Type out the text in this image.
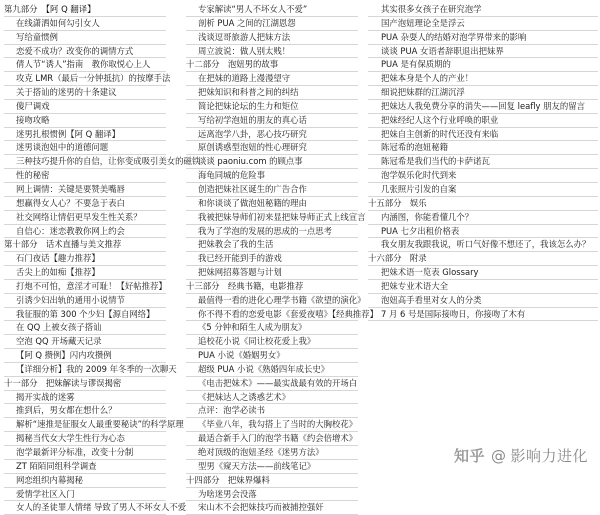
第九部分　【阿 Q 翻译】
在线潇洒如何勾引女人
写给童惯例
恋爱不成功？改变你的调情方式
倩人节“诱人”指南　教你取悦心上人
攻克 LMR（最后一分钟抵抗）的按摩手法
关于搭讪的迷男的十条建议
傻尸调戏
接吻攻略
迷男扎根惯例【阿 Q 翻译】
迷男谈泡妞中的道德问题
三种技巧提升你的自信，让你变成吸引美女的磁铁
性的秘密
网上调情：关键是要赞美嘴唇
想赢得女人心？不要急于表白
社交网络让情侣更早发生性关系？
自信心：迷恋教教你网上约会
第十部分　话术直播与美文推荐
石门夜话【趣力推荐】
舌尖上的如痴【推荐】
打炮不可怕，意淫才可耻！【好帖推荐】
引诱少妇出轨的通用小说情节
我征服的第 300 个少妇【源自网络】
在 QQ 上被女孩子搭讪
空泡 QQ 开场藏天记录
【阿 Q 攒例】闪内攻攒例
【详细分析】我的 2009 年冬季的一次聊天
十一部分　把妹解读与谬误揭密
揭开实战的迷雾
推到后，男女都在想什么？
解析“速推是征服女人最重要秘诀”的科学原理
揭秘当代女大学生性行为心态
泡学最新评分标准，改变十分制
ZT 陌陌同组科学调查
网恋组织内幕揭秘
爱情学社区入门
女人的圣徒罪人情绪 导致了男人不坏女人不爱
专家解读“男人不坏女人不爱”
剖析 PUA 之间的江湖恩怨
浅谈逗哥旅游人把妹方法
周立波说：做人别太贱！
十二部分　泡妞男的故事
在把妹的道路上漫漫望守
把妹知识和科普之间的纠结
简论把妹论坛的生力和矩位
写给初学泡妞的朋友的真心话
远离泡学八卦，恶心技巧研究
原创诱惑型泡妞的性心理研究
谈谈 paoniu.com 的顾点事
海龟同城的危险事
创造把妹社区诞生的广告合作
和你谈谈了做泡妞秘籍的理由
我被把妹导师们初来显把妹导师正式上线宣言
我为了学泡的发展的思成的一点思考
把妹教会了我的生活
我已经开能到手的游戏
把妹网招募答题与计划
十三部分　经典书籍，电影推荐
最值得一看的进化心理学书籍《欲望的演化》
你不得不看的恋爱电影《套爱夜嘻》【经典推荐】
《5 分钟和陌生人成为朋友》
追校花小说《同让校花爱上我》
PUA 小说《婚姻男女》
超级 PUA 小说《熟婚四年成长史》
《电击把妹术》——最实战最有效的开场白
《把妹达人之诱惑艺术》
点评：泡学必读书
《毕业八年，我勾搭上了当时的大胸校花》
最适合新手入门的泡学书籍《约会倍增术》
绝对顶级的泡妞圣经《迷男方法》
型男《窥天方法——前线笔记》
十四部分　把妹界爆料
为啥迷男会没落
宋山木不会把妹技巧而被捕控强奸
其实很多女孩子在研究泡学
国产泡妞理论全是浮云
PUA 杂耍人的结婚对泡学界带来的影响
谈谈 PUA 女语者辞职退出把妹界
PUA 是有保质期的
把妹本身是个人的产业！
细说把妹群的江湖沉浮
把妹达人我免费分享的消失——回复 leafly 朋友的留言
把妹经纪人这个行业呼唤的职业
把妹自主创新的时代还没有来临
陈冠希的泡妞秘籍
陈冠希是我们当代的卡萨诺瓦
泡学娱乐化时代到来
几张照片引发的自案
十五部分　娱乐
内涵图，你能看懂几个？
PUA 七夕出租价格表
我女朋友我跟我说，听口气好像不想还了，我该怎么办？
十六部分　附录
把妹术语一览表 Glossary
把妹专业术语大全
泡妞高手看里对女人的分类
7 月 6 号是国际接吻日，你接吻了木有
知乎 @ 影响力进化
